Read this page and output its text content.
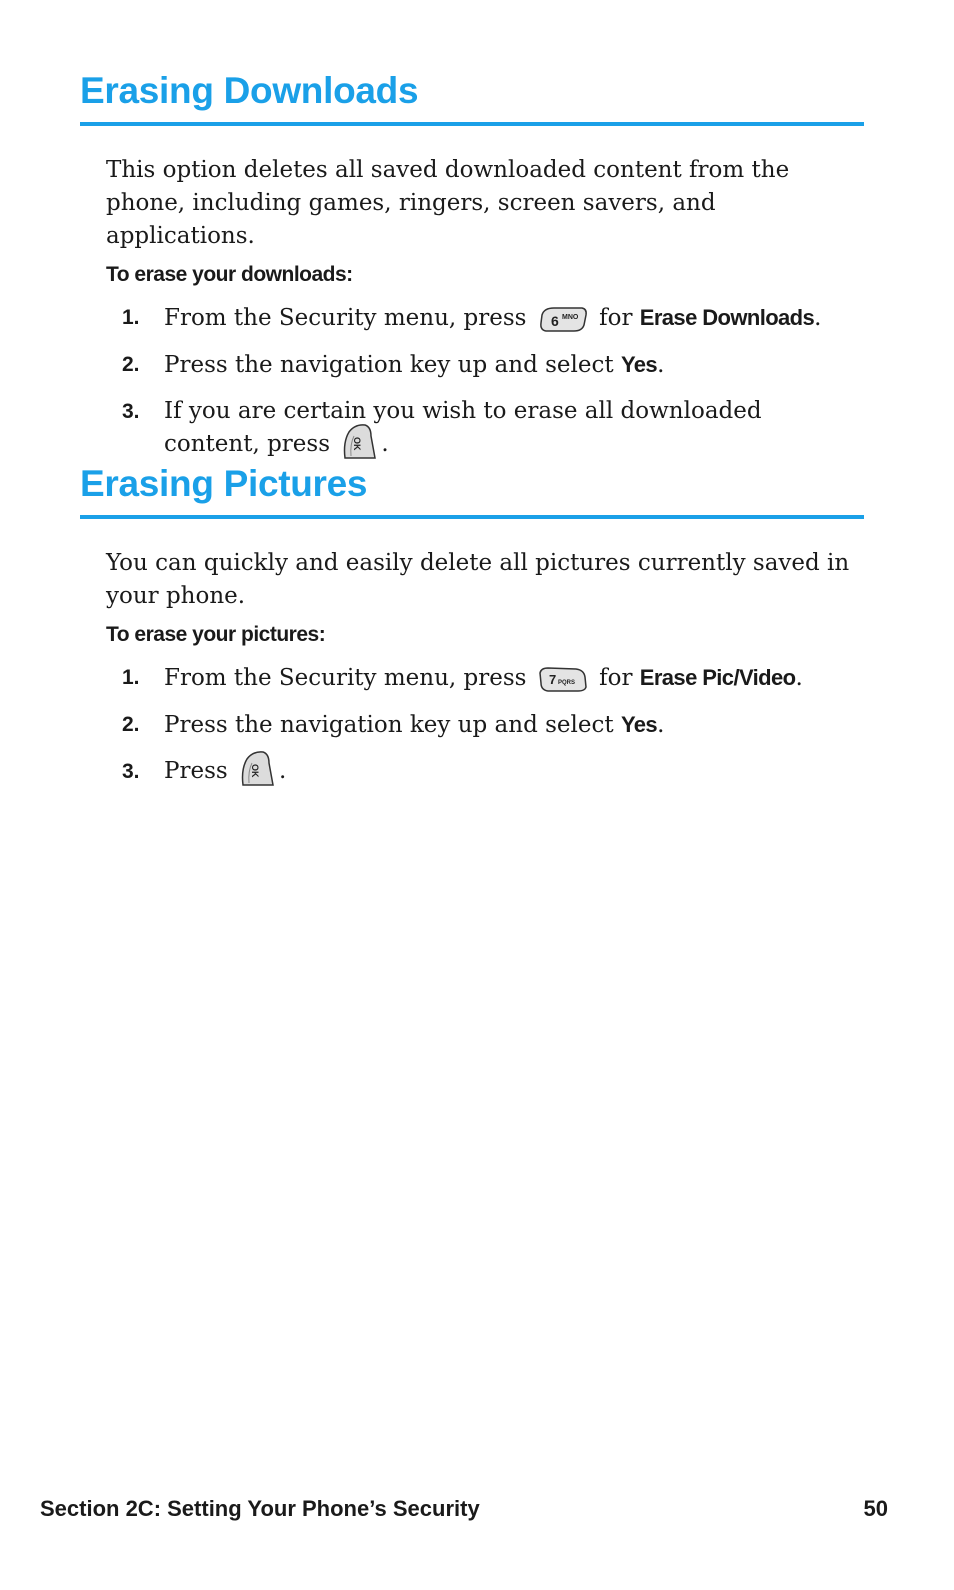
Erasing Downloads

This option deletes all saved downloaded content from the phone, including games, ringers, screen savers, and applications.

To erase your downloads:
1. From the Security menu, press 6 MNO for Erase Downloads.
2. Press the navigation key up and select Yes.
3. If you are certain you wish to erase all downloaded content, press OK .
Erasing Pictures

You can quickly and easily delete all pictures currently saved in your phone.

To erase your pictures:
1. From the Security menu, press 7 PQRS for Erase Pic/Video.
2. Press the navigation key up and select Yes.
3. Press OK .
Section 2C: Setting Your Phone’s Security	50
